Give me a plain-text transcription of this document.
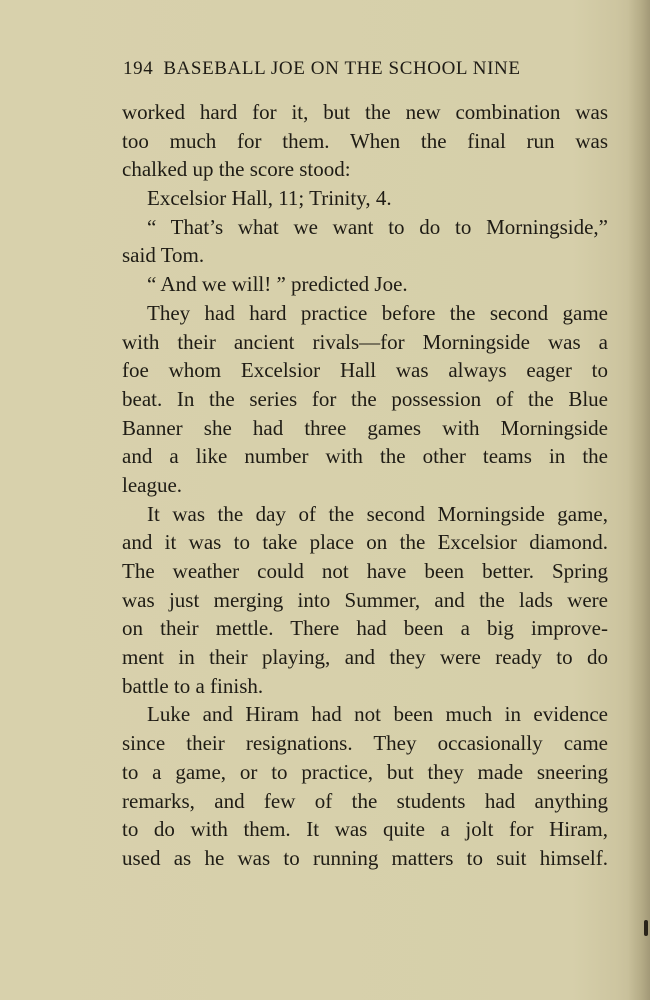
194 BASEBALL JOE ON THE SCHOOL NINE
worked hard for it, but the new combination was
too much for them. When the final run was
chalked up the score stood:
Excelsior Hall, 11; Trinity, 4.
“ That’s what we want to do to Morningside,”
said Tom.
“ And we will! ” predicted Joe.
They had hard practice before the second game
with their ancient rivals—for Morningside was a
foe whom Excelsior Hall was always eager to
beat. In the series for the possession of the Blue
Banner she had three games with Morningside
and a like number with the other teams in the
league.
It was the day of the second Morningside game,
and it was to take place on the Excelsior diamond.
The weather could not have been better. Spring
was just merging into Summer, and the lads were
on their mettle. There had been a big improve-
ment in their playing, and they were ready to do
battle to a finish.
Luke and Hiram had not been much in evidence
since their resignations. They occasionally came
to a game, or to practice, but they made sneering
remarks, and few of the students had anything
to do with them. It was quite a jolt for Hiram,
used as he was to running matters to suit himself.
